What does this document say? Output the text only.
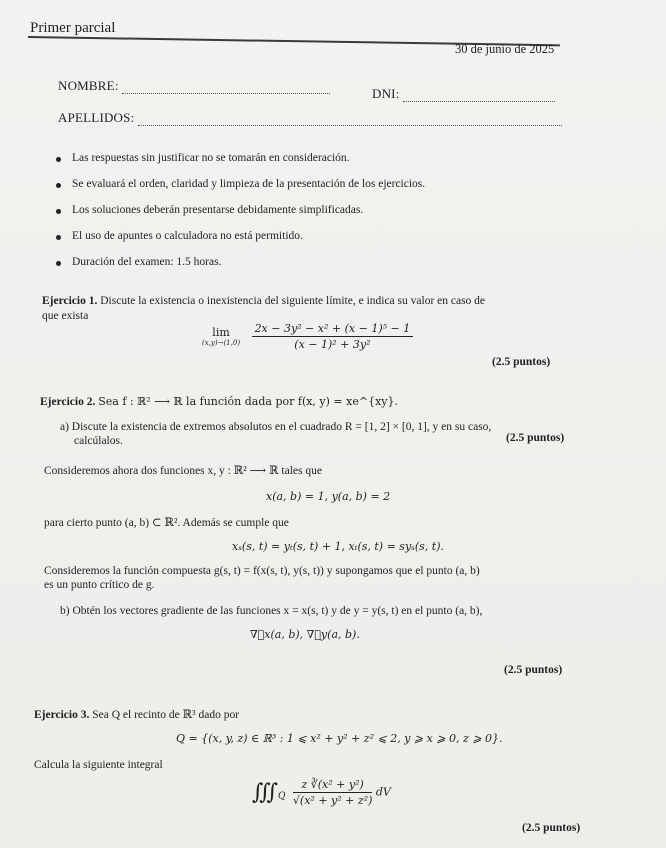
Primer parcial
30 de junio de 2025
NOMBRE:
DNI:
APELLIDOS:
Las respuestas sin justificar no se tomarán en consideración.
Se evaluará el orden, claridad y limpieza de la presentación de los ejercicios.
Los soluciones deberán presentarse debidamente simplificadas.
El uso de apuntes o calculadora no está permitido.
Duración del examen: 1.5 horas.
Ejercicio 1. Discute la existencia o inexistencia del siguiente límite, e indica su valor en caso de
que exista
lim
(x,y)→(1,0)
$\frac{\text{2x − 3y² − x² + (x − 1)⁵ − 1}}{\text{(x − 1)² + 3y²}}$
(2.5 puntos)
Ejercicio 2. Sea f : ℝ² ⟶ ℝ la función dada por f(x, y) = xe^{xy}.
a) Discute la existencia de extremos absolutos en el cuadrado R = [1, 2] × [0, 1], y en su caso,
calcúlalos.	(2.5 puntos)
Consideremos ahora dos funciones x, y : ℝ² ⟶ ℝ tales que
x(a, b) = 1, y(a, b) = 2
para cierto punto (a, b) ⊂ ℝ². Además se cumple que
xₛ(s, t) = yₜ(s, t) + 1, xₜ(s, t) = syₛ(s, t).
Consideremos la función compuesta g(s, t) = f(x(s, t), y(s, t)) y supongamos que el punto (a, b)
es un punto crítico de g.
b) Obtén los vectores gradiente de las funciones x = x(s, t) y de y = y(s, t) en el punto (a, b),
∇⃗x(a, b), ∇⃗y(a, b).
(2.5 puntos)
Ejercicio 3. Sea Q el recinto de ℝ³ dado por
Q = {(x, y, z) ∈ ℝ³ : 1 ⩽ x² + y² + z² ⩽ 2, y ⩾ x ⩾ 0, z ⩾ 0}.
Calcula la siguiente integral
$∭_Q \frac{\text{z ∛(x² + y²)}}{\text{√(x² + y² + z²)}}$ dV
(2.5 puntos)
